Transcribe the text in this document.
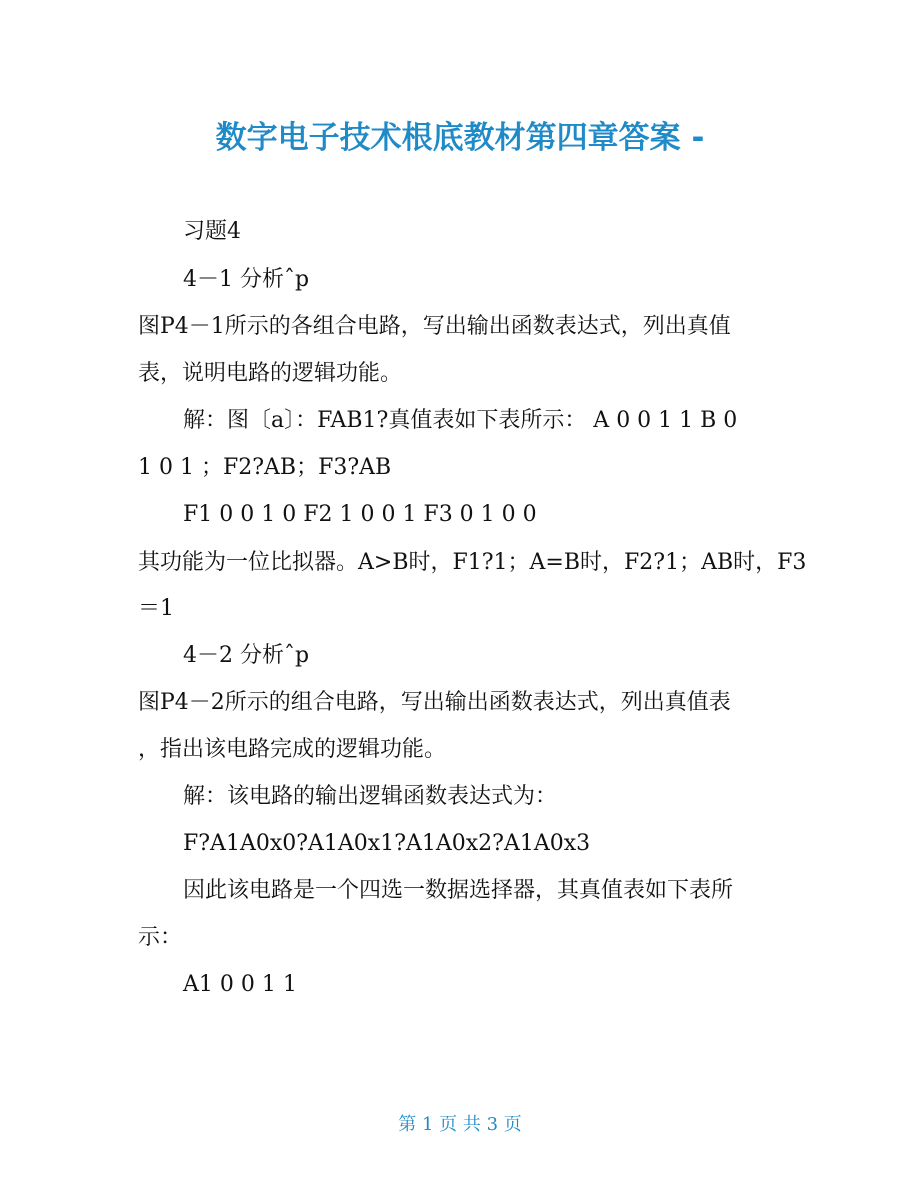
数字电子技术根底教材第四章答案 -

习题4

4－1 分析ˆp

图P4－1所示的各组合电路，写出输出函数表达式，列出真值

表，说明电路的逻辑功能。

解：图〔a〕：FAB1?真值表如下表所示： A 0 0 1 1 B 0

1 0 1 ；F2?AB；F3?AB

F1 0 0 1 0 F2 1 0 0 1 F3 0 1 0 0

其功能为一位比拟器。A>B时，F1?1；A=B时，F2?1；AB时，F3

＝1

4－2 分析ˆp

图P4－2所示的组合电路，写出输出函数表达式，列出真值表

，指出该电路完成的逻辑功能。

解：该电路的输出逻辑函数表达式为：

F?A1A0x0?A1A0x1?A1A0x2?A1A0x3

因此该电路是一个四选一数据选择器，其真值表如下表所

示：

A1 0 0 1 1

第 1 页 共 3 页
